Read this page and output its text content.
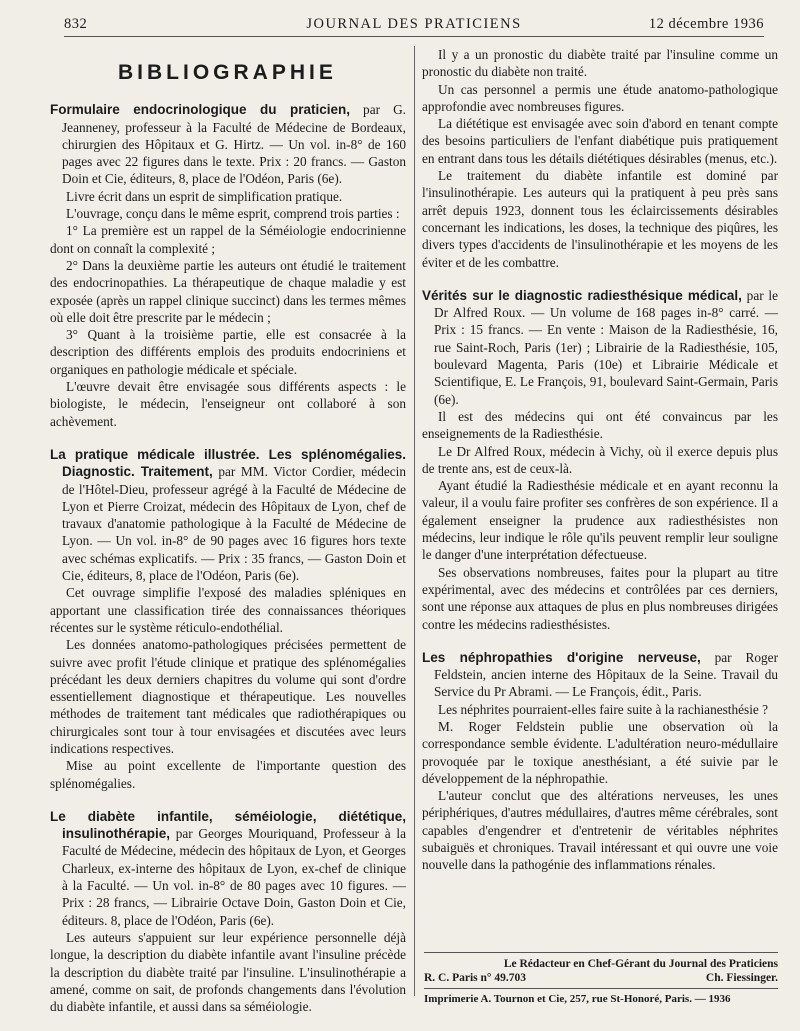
832	JOURNAL DES PRATICIENS	12 décembre 1936
BIBLIOGRAPHIE

Formulaire endocrinologique du praticien, par G. Jeanneney, professeur à la Faculté de Médecine de Bordeaux, chirurgien des Hôpitaux et G. Hirtz. — Un vol. in-8° de 160 pages avec 22 figures dans le texte. Prix : 20 francs. — Gaston Doin et Cie, éditeurs, 8, place de l'Odéon, Paris (6e).

Livre écrit dans un esprit de simplification pratique.

L'ouvrage, conçu dans le même esprit, comprend trois parties :

1° La première est un rappel de la Séméiologie endocrinienne dont on connaît la complexité ;

2° Dans la deuxième partie les auteurs ont étudié le traitement des endocrinopathies. La thérapeutique de chaque maladie y est exposée (après un rappel clinique succinct) dans les termes mêmes où elle doit être prescrite par le médecin ;

3° Quant à la troisième partie, elle est consacrée à la description des différents emplois des produits endocriniens et organiques en pathologie médicale et spéciale.

L'œuvre devait être envisagée sous différents aspects : le biologiste, le médecin, l'enseigneur ont collaboré à son achèvement.

La pratique médicale illustrée. Les splénomégalies. Diagnostic. Traitement, par MM. Victor Cordier, médecin de l'Hôtel-Dieu, professeur agrégé à la Faculté de Médecine de Lyon et Pierre Croizat, médecin des Hôpitaux de Lyon, chef de travaux d'anatomie pathologique à la Faculté de Médecine de Lyon. — Un vol. in-8° de 90 pages avec 16 figures hors texte avec schémas explicatifs. — Prix : 35 francs, — Gaston Doin et Cie, éditeurs, 8, place de l'Odéon, Paris (6e).

Cet ouvrage simplifie l'exposé des maladies spléniques en apportant une classification tirée des connaissances théoriques récentes sur le système réticulo-endothélial.

Les données anatomo-pathologiques précisées permettent de suivre avec profit l'étude clinique et pratique des splénomégalies précédant les deux derniers chapitres du volume qui sont d'ordre essentiellement diagnostique et thérapeutique. Les nouvelles méthodes de traitement tant médicales que radiothérapiques ou chirurgicales sont tour à tour envisagées et discutées avec leurs indications respectives.

Mise au point excellente de l'importante question des splénomégalies.

Le diabète infantile, séméiologie, diététique, insulinothérapie, par Georges Mouriquand, Professeur à la Faculté de Médecine, médecin des hôpitaux de Lyon, et Georges Charleux, ex-interne des hôpitaux de Lyon, ex-chef de clinique à la Faculté. — Un vol. in-8° de 80 pages avec 10 figures. — Prix : 28 francs, — Librairie Octave Doin, Gaston Doin et Cie, éditeurs. 8, place de l'Odéon, Paris (6e).

Les auteurs s'appuient sur leur expérience personnelle déjà longue, la description du diabète infantile avant l'insuline précède la description du diabète traité par l'insuline. L'insulinothérapie a amené, comme on sait, de profonds changements dans l'évolution du diabète infantile, et aussi dans sa séméiologie.

Il y a un pronostic du diabète traité par l'insuline comme un pronostic du diabète non traité.

Un cas personnel a permis une étude anatomo-pathologique approfondie avec nombreuses figures.

La diététique est envisagée avec soin d'abord en tenant compte des besoins particuliers de l'enfant diabétique puis pratiquement en entrant dans tous les détails diététiques désirables (menus, etc.).

Le traitement du diabète infantile est dominé par l'insulinothérapie. Les auteurs qui la pratiquent à peu près sans arrêt depuis 1923, donnent tous les éclaircissements désirables concernant les indications, les doses, la technique des piqûres, les divers types d'accidents de l'insulinothérapie et les moyens de les éviter et de les combattre.

Vérités sur le diagnostic radiesthésique médical, par le Dr Alfred Roux. — Un volume de 168 pages in-8° carré. — Prix : 15 francs. — En vente : Maison de la Radiesthésie, 16, rue Saint-Roch, Paris (1er) ; Librairie de la Radiesthésie, 105, boulevard Magenta, Paris (10e) et Librairie Médicale et Scientifique, E. Le François, 91, boulevard Saint-Germain, Paris (6e).

Il est des médecins qui ont été convaincus par les enseignements de la Radiesthésie.

Le Dr Alfred Roux, médecin à Vichy, où il exerce depuis plus de trente ans, est de ceux-là.

Ayant étudié la Radiesthésie médicale et en ayant reconnu la valeur, il a voulu faire profiter ses confrères de son expérience. Il a également enseigner la prudence aux radiesthésistes non médecins, leur indique le rôle qu'ils peuvent remplir leur souligne le danger d'une interprétation défectueuse.

Ses observations nombreuses, faites pour la plupart au titre expérimental, avec des médecins et contrôlées par ces derniers, sont une réponse aux attaques de plus en plus nombreuses dirigées contre les médecins radiesthésistes.

Les néphropathies d'origine nerveuse, par Roger Feldstein, ancien interne des Hôpitaux de la Seine. Travail du Service du Pr Abrami. — Le François, édit., Paris.

Les néphrites pourraient-elles faire suite à la rachianesthésie ?

M. Roger Feldstein publie une observation où la correspondance semble évidente. L'adultération neuro-médullaire provoquée par le toxique anesthésiant, a été suivie par le développement de la néphropathie.

L'auteur conclut que des altérations nerveuses, les unes périphériques, d'autres médullaires, d'autres même cérébrales, sont capables d'engendrer et d'entretenir de véritables néphrites subaiguës et chroniques. Travail intéressant et qui ouvre une voie nouvelle dans la pathogénie des inflammations rénales.

Le Rédacteur en Chef-Gérant du Journal des Praticiens
R. C. Paris n° 49.703	Ch. Fiessinger.
Imprimerie A. Tournon et Cie, 257, rue St-Honoré, Paris. — 1936
